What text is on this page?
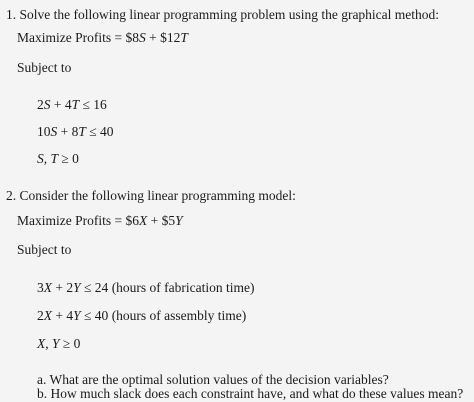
1. Solve the following linear programming problem using the graphical method:
Maximize Profits = $8S + $12T
Subject to
2S + 4T ≤ 16
10S + 8T ≤ 40
S, T ≥ 0
2. Consider the following linear programming model:
Maximize Profits = $6X + $5Y
Subject to
3X + 2Y ≤ 24 (hours of fabrication time)
2X + 4Y ≤ 40 (hours of assembly time)
X, Y ≥ 0
a. What are the optimal solution values of the decision variables?
b. How much slack does each constraint have, and what do these values mean?
